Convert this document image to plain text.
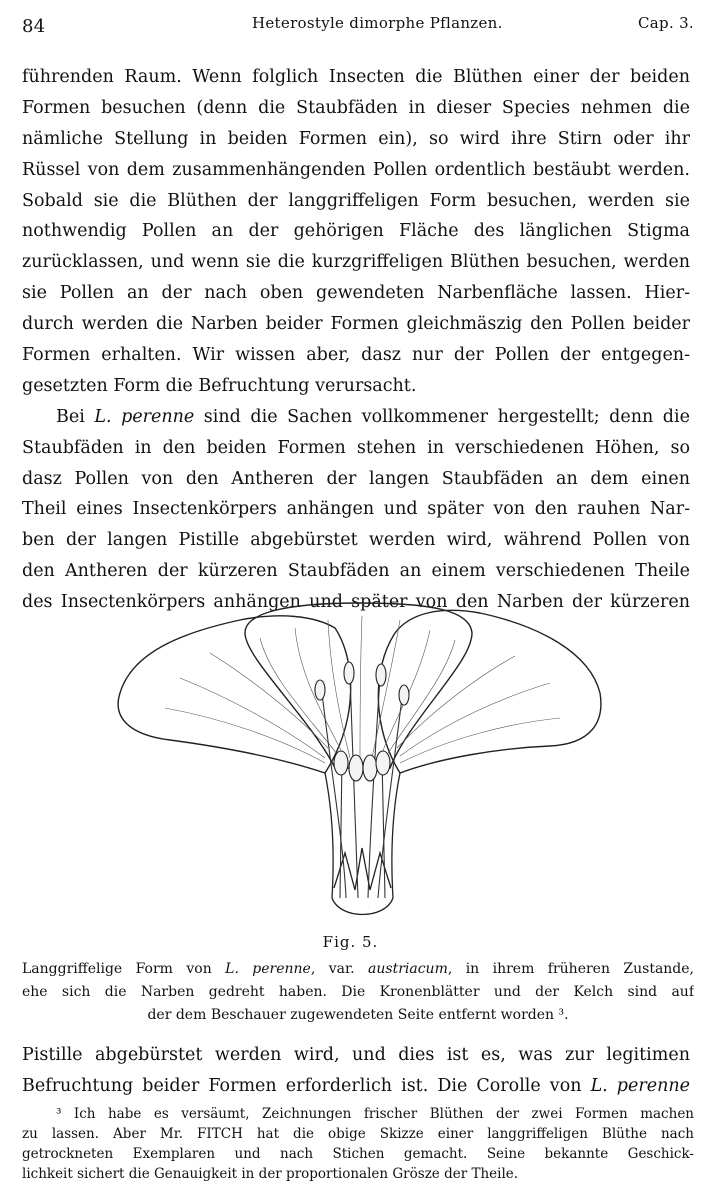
84	Heterostyle dimorphe Pflanzen.	Cap. 3.
führenden Raum. Wenn folglich Insecten die Blüthen einer der beiden
Formen besuchen (denn die Staubfäden in dieser Species nehmen die
nämliche Stellung in beiden Formen ein), so wird ihre Stirn oder ihr
Rüssel von dem zusammenhängenden Pollen ordentlich bestäubt werden.
Sobald sie die Blüthen der langgriffeligen Form besuchen, werden sie
nothwendig Pollen an der gehörigen Fläche des länglichen Stigma
zurücklassen, und wenn sie die kurzgriffeligen Blüthen besuchen, werden
sie Pollen an der nach oben gewendeten Narbenfläche lassen. Hier-
durch werden die Narben beider Formen gleichmäszig den Pollen beider
Formen erhalten. Wir wissen aber, dasz nur der Pollen der entgegen-
gesetzten Form die Befruchtung verursacht.
Bei L. perenne sind die Sachen vollkommener hergestellt; denn die
Staubfäden in den beiden Formen stehen in verschiedenen Höhen, so
dasz Pollen von den Antheren der langen Staubfäden an dem einen
Theil eines Insectenkörpers anhängen und später von den rauhen Nar-
ben der langen Pistille abgebürstet werden wird, während Pollen von
den Antheren der kürzeren Staubfäden an einem verschiedenen Theile
des Insectenkörpers anhängen und später von den Narben der kürzeren
Fig. 5.
Langgriffelige Form von L. perenne, var. austriacum, in ihrem früheren Zustande,
ehe sich die Narben gedreht haben. Die Kronenblätter und der Kelch sind auf
der dem Beschauer zugewendeten Seite entfernt worden ³.
Pistille abgebürstet werden wird, und dies ist es, was zur legitimen
Befruchtung beider Formen erforderlich ist. Die Corolle von L. perenne
³ Ich habe es versäumt, Zeichnungen frischer Blüthen der zwei Formen machen
zu lassen. Aber Mr. FITCH hat die obige Skizze einer langgriffeligen Blüthe nach
getrockneten Exemplaren und nach Stichen gemacht. Seine bekannte Geschick-
lichkeit sichert die Genauigkeit in der proportionalen Grösze der Theile.
